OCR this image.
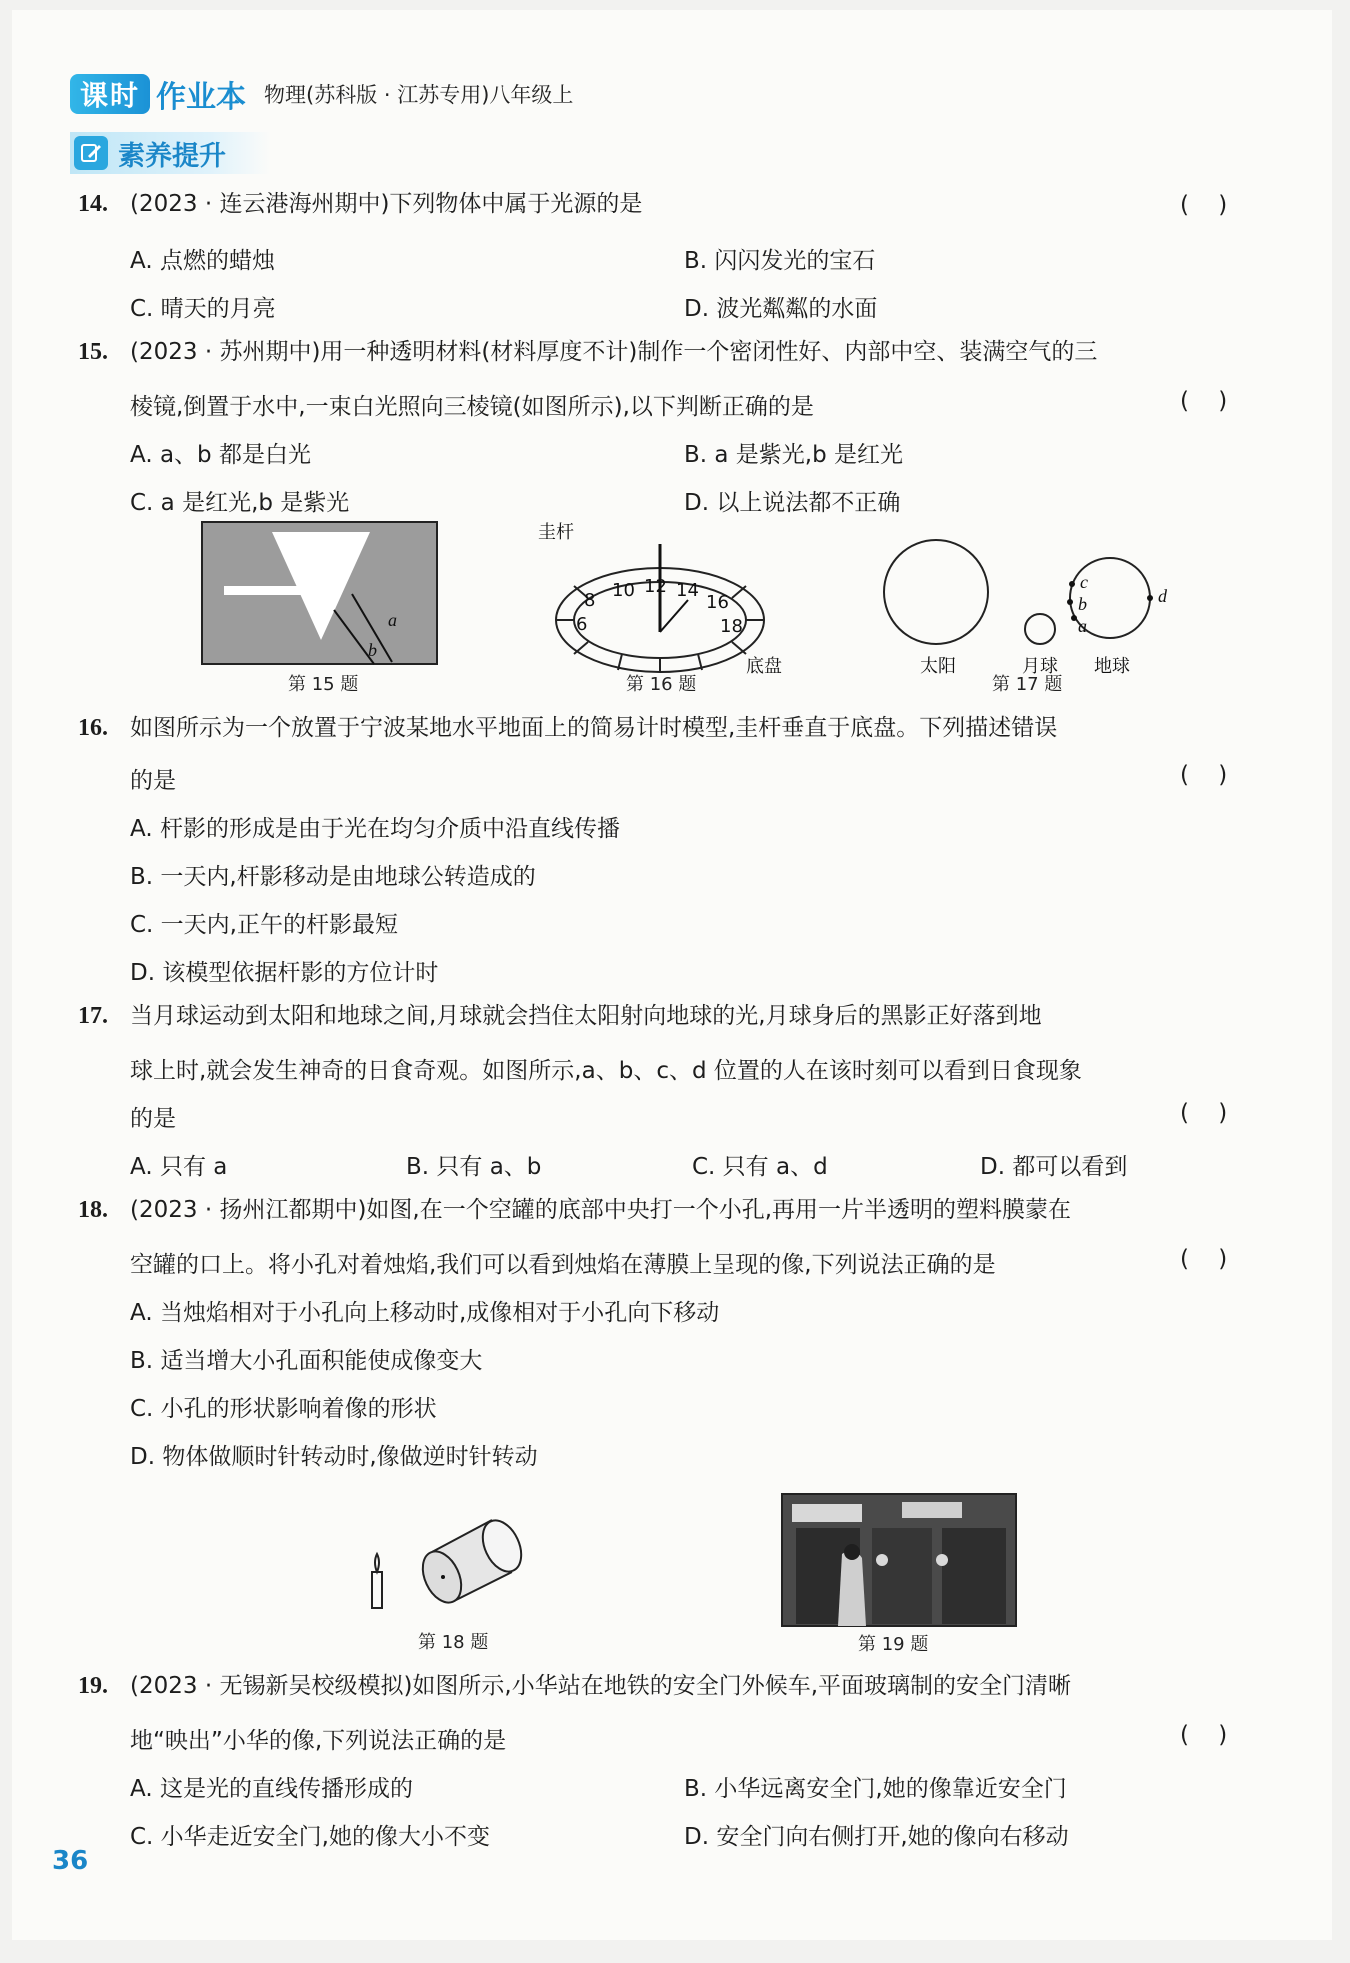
课时 作业本 物理(苏科版 · 江苏专用)八年级上
素养提升
14. (2023 · 连云港海州期中)下列物体中属于光源的是	(    )
A. 点燃的蜡烛	B. 闪闪发光的宝石
C. 晴天的月亮	D. 波光粼粼的水面
15. (2023 · 苏州期中)用一种透明材料(材料厚度不计)制作一个密闭性好、内部中空、装满空气的三
棱镜,倒置于水中,一束白光照向三棱镜(如图所示),以下判断正确的是	(    )
A. a、b 都是白光	B. a 是紫光,b 是红光
C. a 是红光,b 是紫光	D. 以上说法都不正确
a
b
第 15 题
圭杆
6
8 10 12 14
16
18
底盘
第 16 题
a
b
c
d
太阳	月球 地球
第 17 题
16. 如图所示为一个放置于宁波某地水平地面上的简易计时模型,圭杆垂直于底盘。下列描述错误
的是	(    )
A. 杆影的形成是由于光在均匀介质中沿直线传播
B. 一天内,杆影移动是由地球公转造成的
C. 一天内,正午的杆影最短
D. 该模型依据杆影的方位计时
17. 当月球运动到太阳和地球之间,月球就会挡住太阳射向地球的光,月球身后的黑影正好落到地
球上时,就会发生神奇的日食奇观。如图所示,a、b、c、d 位置的人在该时刻可以看到日食现象
的是	(    )
A. 只有 a	B. 只有 a、b	C. 只有 a、d	D. 都可以看到
18. (2023 · 扬州江都期中)如图,在一个空罐的底部中央打一个小孔,再用一片半透明的塑料膜蒙在
空罐的口上。将小孔对着烛焰,我们可以看到烛焰在薄膜上呈现的像,下列说法正确的是	(    )
A. 当烛焰相对于小孔向上移动时,成像相对于小孔向下移动
B. 适当增大小孔面积能使成像变大
C. 小孔的形状影响着像的形状
D. 物体做顺时针转动时,像做逆时针转动
第 18 题	第 19 题
19. (2023 · 无锡新吴校级模拟)如图所示,小华站在地铁的安全门外候车,平面玻璃制的安全门清晰
地“映出”小华的像,下列说法正确的是	(    )
A. 这是光的直线传播形成的	B. 小华远离安全门,她的像靠近安全门
C. 小华走近安全门,她的像大小不变	D. 安全门向右侧打开,她的像向右移动
36
